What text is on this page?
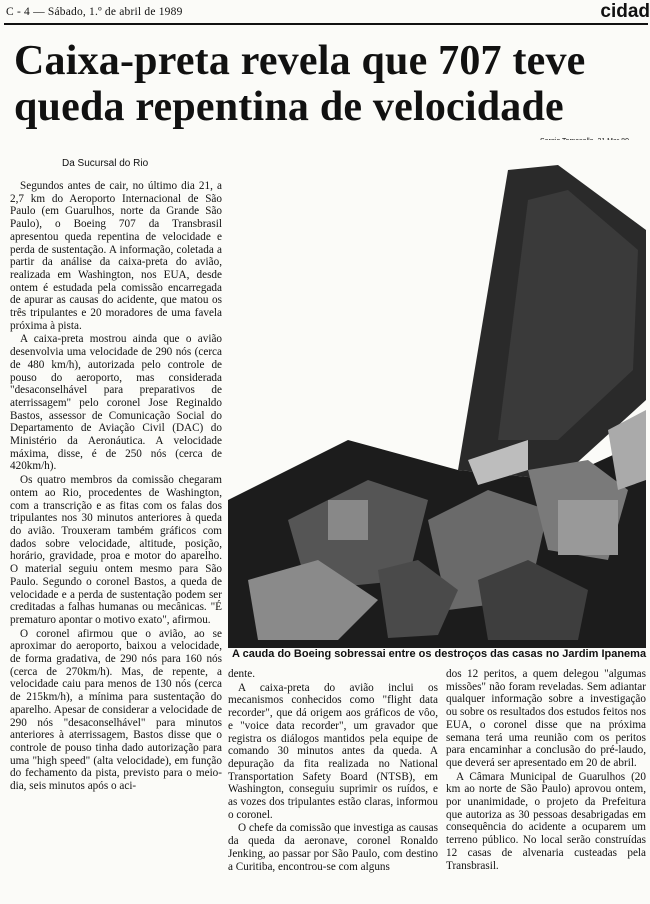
C - 4 — Sábado, 1.º de abril de 1989	cidad
Caixa-preta revela que 707 teve queda repentina de velocidade
Da Sucursal do Rio
A cauda do Boeing sobressai entre os destroços das casas no Jardim Ipanema

Segundos antes de cair, no último dia 21, a 2,7 km do Aeroporto Internacional de São Paulo (em Guarulhos, norte da Grande São Paulo), o Boeing 707 da Transbrasil apresentou queda repentina de velocidade e perda de sustentação. A informação, coletada a partir da análise da caixa-preta do avião, realizada em Washington, nos EUA, desde ontem é estudada pela comissão encarregada de apurar as causas do acidente, que matou os três tripulantes e 20 moradores de uma favela próxima à pista.

A caixa-preta mostrou ainda que o avião desenvolvia uma velocidade de 290 nós (cerca de 480 km/h), autorizada pelo controle de pouso do aeroporto, mas considerada "desaconselhável para preparativos de aterrissagem" pelo coronel Jose Reginaldo Bastos, assessor de Comunicação Social do Departamento de Aviação Civil (DAC) do Ministério da Aeronáutica. A velocidade máxima, disse, é de 250 nós (cerca de 420km/h).

Os quatro membros da comissão chegaram ontem ao Rio, procedentes de Washington, com a transcrição e as fitas com os falas dos tripulantes nos 30 minutos anteriores à queda do avião. Trouxeram também gráficos com dados sobre velocidade, altitude, posição, horário, gravidade, proa e motor do aparelho. O material seguiu ontem mesmo para São Paulo. Segundo o coronel Bastos, a queda de velocidade e a perda de sustentação podem ser creditadas a falhas humanas ou mecânicas. "É prematuro apontar o motivo exato", afirmou.

O coronel afirmou que o avião, ao se aproximar do aeroporto, baixou a velocidade, de forma gradativa, de 290 nós para 160 nós (cerca de 270km/h). Mas, de repente, a velocidade caiu para menos de 130 nós (cerca de 215km/h), a mínima para sustentação do aparelho. Apesar de considerar a velocidade de 290 nós "desaconselhável" para minutos anteriores à aterrissagem, Bastos disse que o controle de pouso tinha dado autorização para uma "high speed" (alta velocidade), em função do fechamento da pista, previsto para o meio-dia, seis minutos após o aci-

dente.

A caixa-preta do avião inclui os mecanismos conhecidos como "flight data recorder", que dá origem aos gráficos de vôo, e "voice data recorder", um gravador que registra os diálogos mantidos pela equipe de comando 30 minutos antes da queda. A depuração da fita realizada no National Transportation Safety Board (NTSB), em Washington, conseguiu suprimir os ruídos, e as vozes dos tripulantes estão claras, informou o coronel.

O chefe da comissão que investiga as causas da queda da aeronave, coronel Ronaldo Jenking, ao passar por São Paulo, com destino a Curitiba, encontrou-se com alguns

dos 12 peritos, a quem delegou "algumas missões" não foram reveladas. Sem adiantar qualquer informação sobre a investigação ou sobre os resultados dos estudos feitos nos EUA, o coronel disse que na próxima semana terá uma reunião com os peritos para encaminhar a conclusão do pré-laudo, que deverá ser apresentado em 20 de abril.

A Câmara Municipal de Guarulhos (20 km ao norte de São Paulo) aprovou ontem, por unanimidade, o projeto da Prefeitura que autoriza as 30 pessoas desabrigadas em consequência do acidente a ocuparem um terreno público. No local serão construídas 12 casas de alvenaria custeadas pela Transbrasil.
